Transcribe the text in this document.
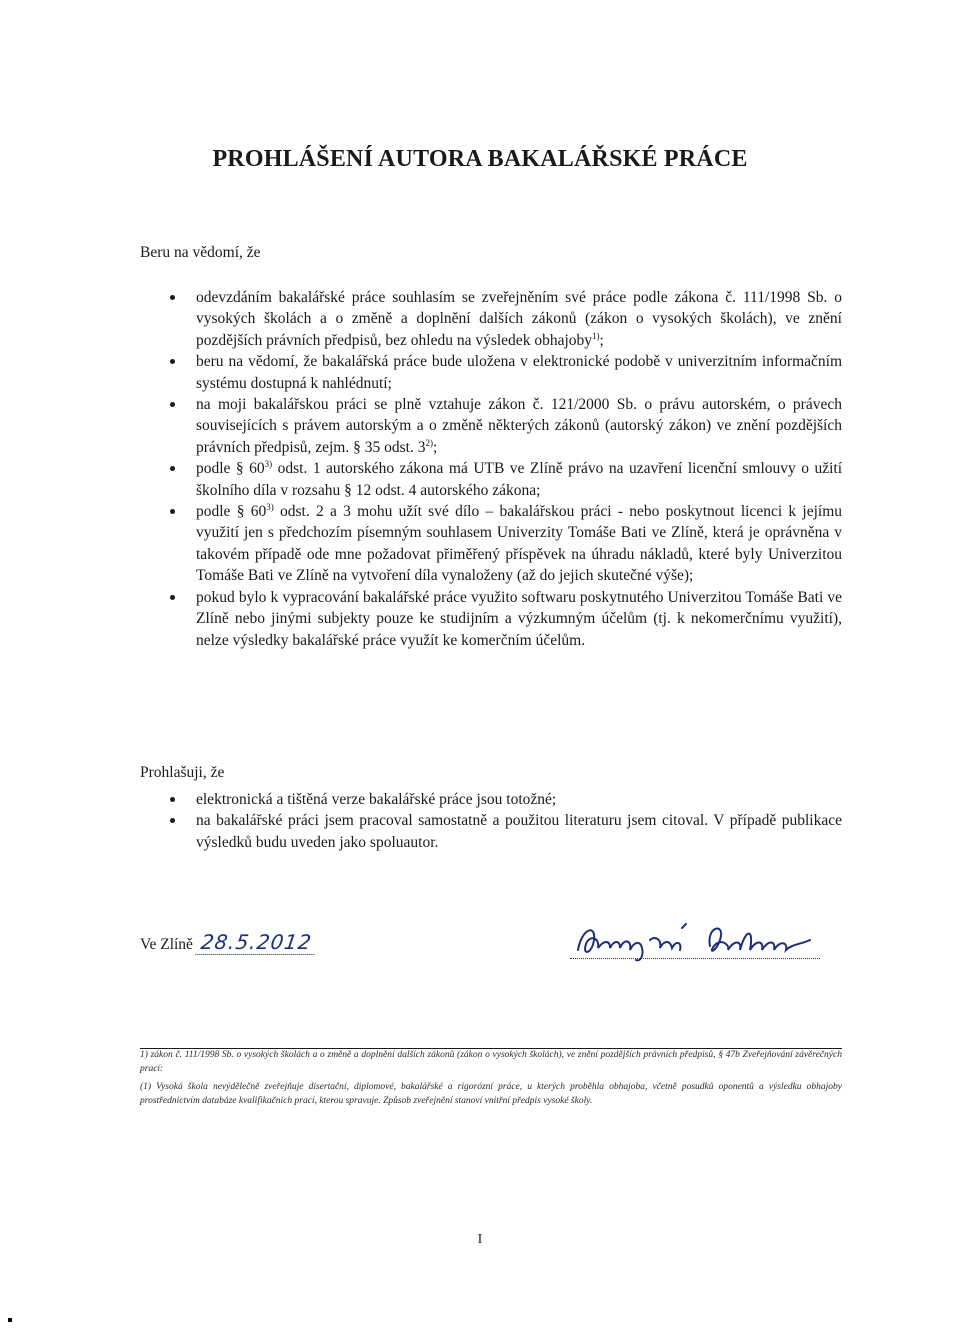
PROHLÁŠENÍ AUTORA BAKALÁŘSKÉ PRÁCE
Beru na vědomí, že
odevzdáním bakalářské práce souhlasím se zveřejněním své práce podle zákona č. 111/1998 Sb. o vysokých školách a o změně a doplnění dalších zákonů (zákon o vysokých školách), ve znění pozdějších právních předpisů, bez ohledu na výsledek obhajoby$^{1)}$;
beru na vědomí, že bakalářská práce bude uložena v elektronické podobě v univerzitním informačním systému dostupná k nahlédnutí;
na moji bakalářskou práci se plně vztahuje zákon č. 121/2000 Sb. o právu autorském, o právech souvisejících s právem autorským a o změně některých zákonů (autorský zákon) ve znění pozdějších právních předpisů, zejm. § 35 odst. 3$^{2)}$;
podle § 60$^{3)}$ odst. 1 autorského zákona má UTB ve Zlíně právo na uzavření licenční smlouvy o užití školního díla v rozsahu § 12 odst. 4 autorského zákona;
podle § 60$^{3)}$ odst. 2 a 3 mohu užít své dílo – bakalářskou práci - nebo poskytnout licenci k jejímu využití jen s předchozím písemným souhlasem Univerzity Tomáše Bati ve Zlíně, která je oprávněna v takovém případě ode mne požadovat přiměřený příspěvek na úhradu nákladů, které byly Univerzitou Tomáše Bati ve Zlíně na vytvoření díla vynaloženy (až do jejich skutečné výše);
pokud bylo k vypracování bakalářské práce využito softwaru poskytnutého Univerzitou Tomáše Bati ve Zlíně nebo jinými subjekty pouze ke studijním a výzkumným účelům (tj. k nekomerčnímu využití), nelze výsledky bakalářské práce využít ke komerčním účelům.
Prohlašuji, že
elektronická a tištěná verze bakalářské práce jsou totožné;
na bakalářské práci jsem pracoval samostatně a použitou literaturu jsem citoval. V případě publikace výsledků budu uveden jako spoluautor.
Ve Zlíně 28.5.2012

1) zákon č. 111/1998 Sb. o vysokých školách a o změně a doplnění dalších zákonů (zákon o vysokých školách), ve znění pozdějších právních předpisů, § 47b Zveřejňování závěrečných prací:

(1) Vysoká škola nevýdělečně zveřejňuje disertační, diplomové, bakalářské a rigorózní práce, u kterých proběhla obhajoba, včetně posudků oponentů a výsledku obhajoby prostřednictvím databáze kvalifikačních prací, kterou spravuje. Způsob zveřejnění stanoví vnitřní předpis vysoké školy.

I
